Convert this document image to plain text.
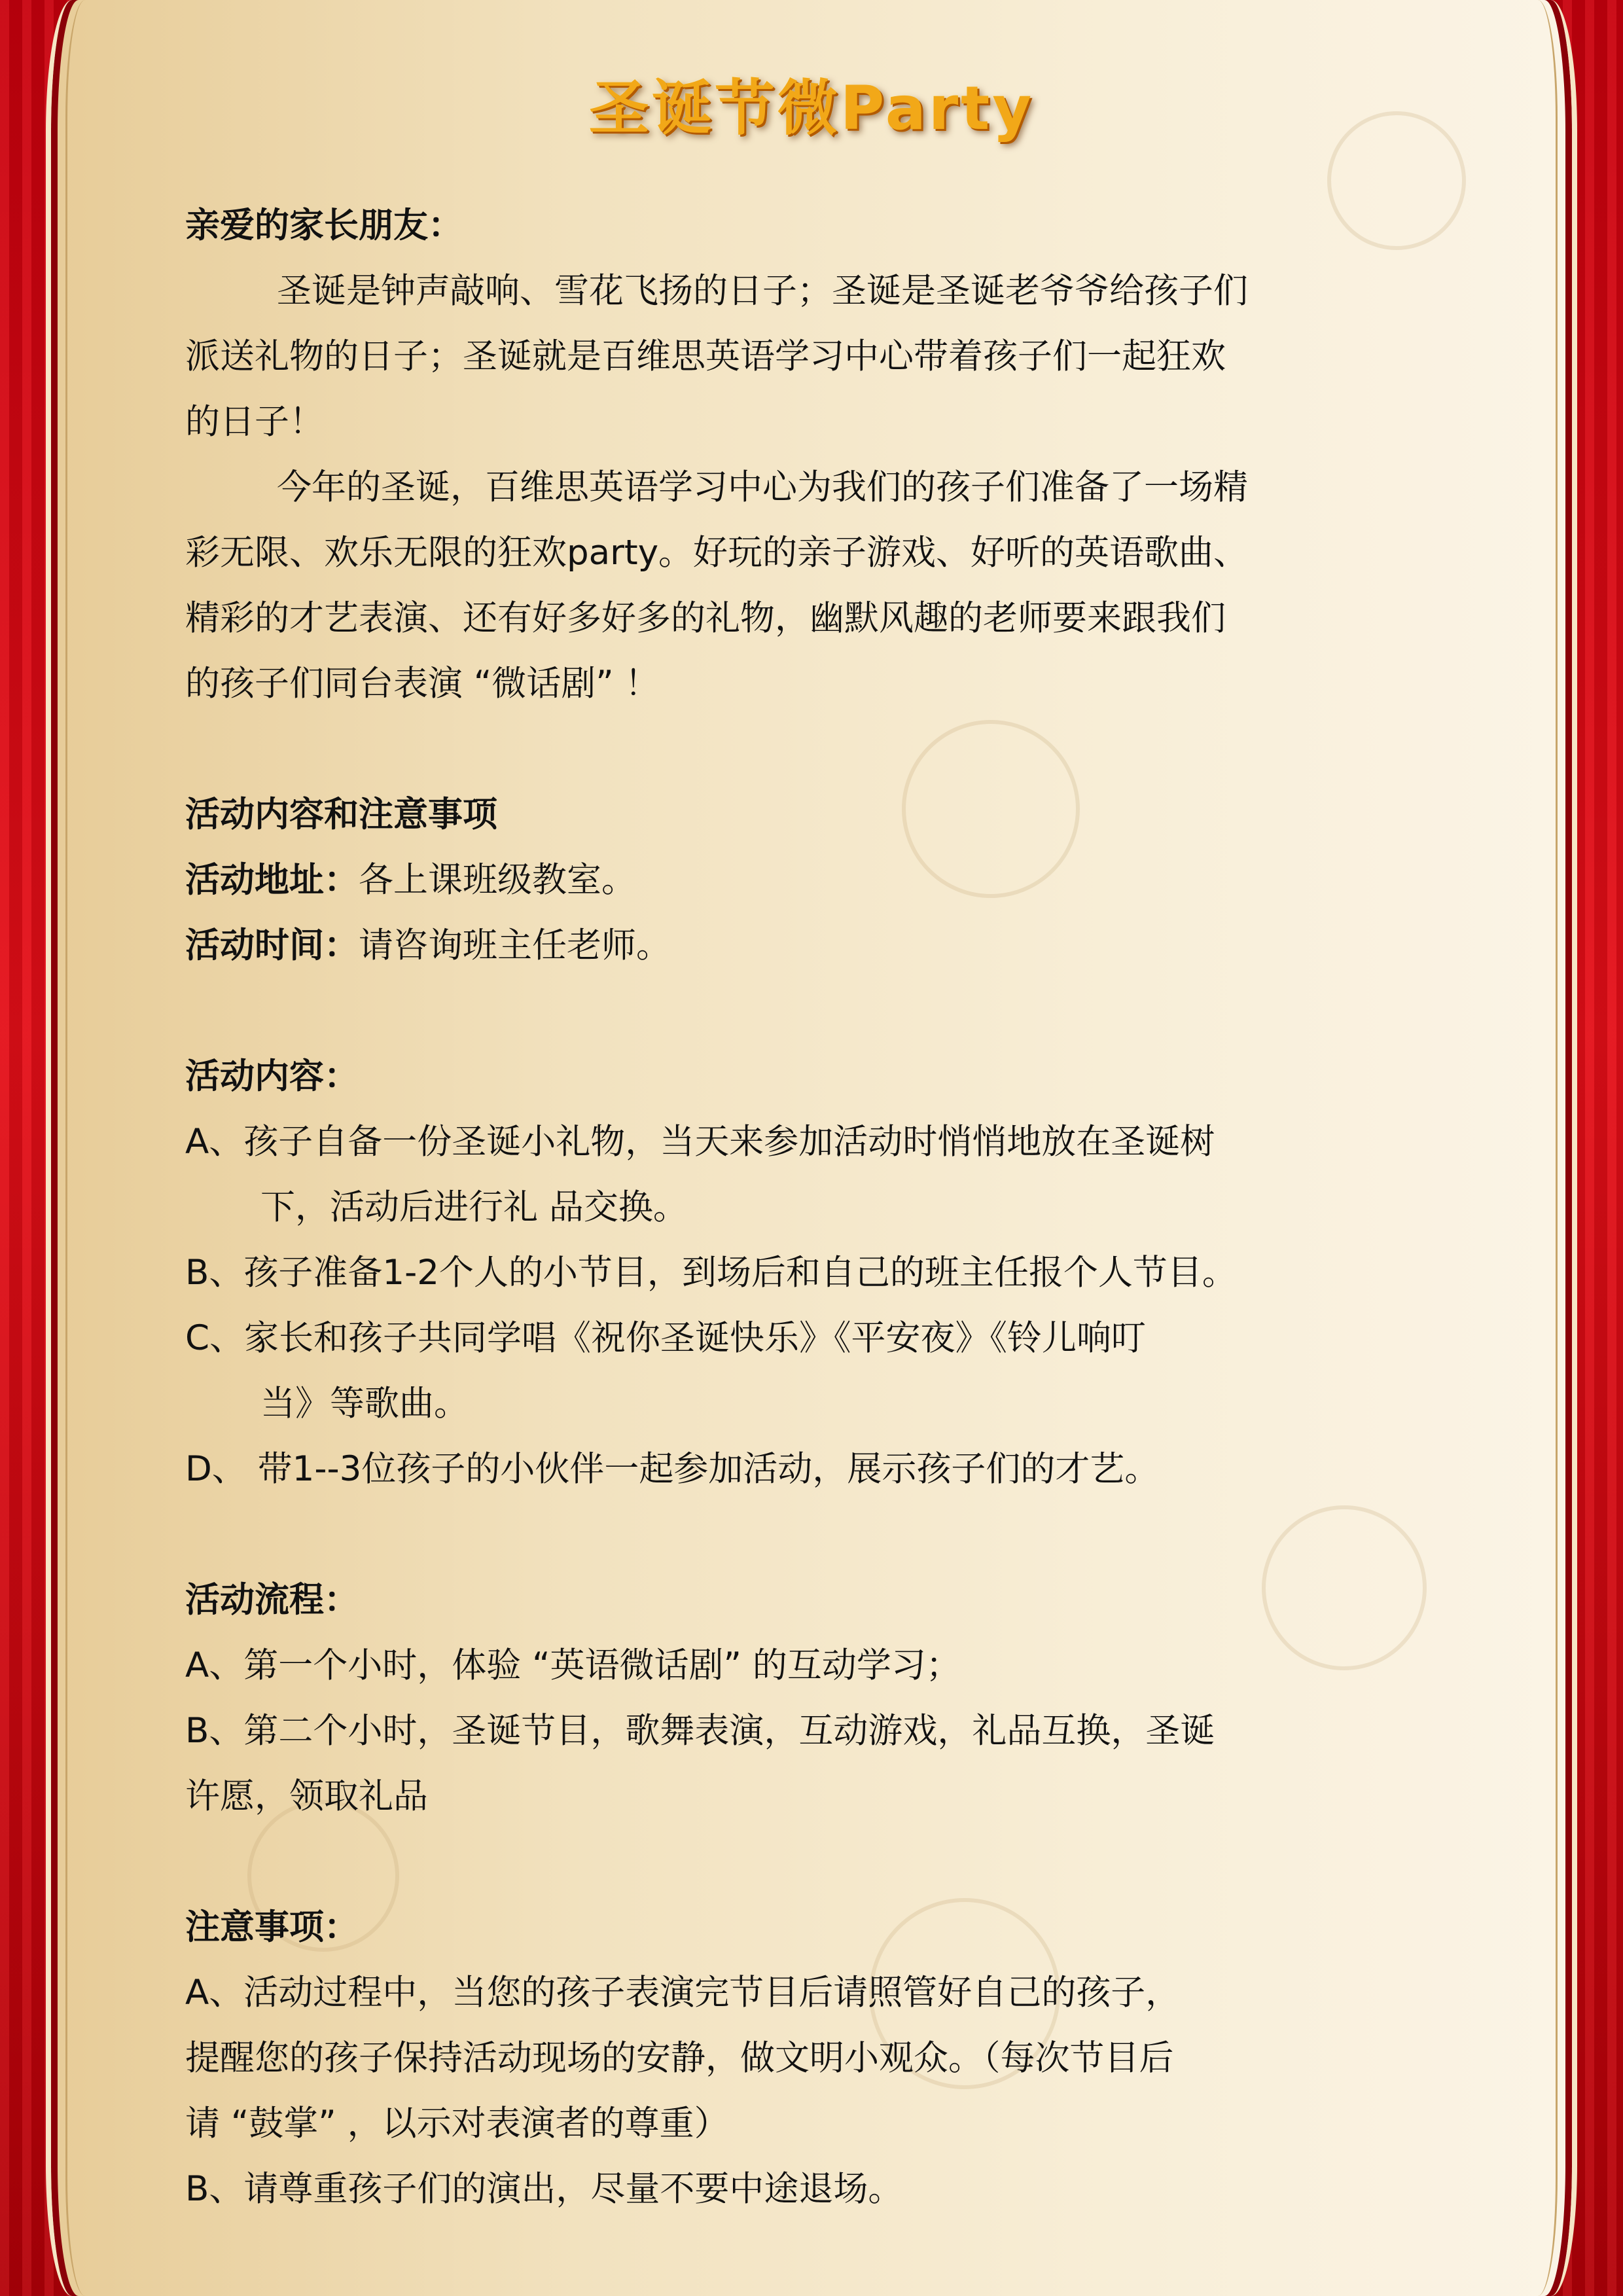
圣诞节微Party
亲爱的家长朋友：
圣诞是钟声敲响、雪花飞扬的日子；圣诞是圣诞老爷爷给孩子们
派送礼物的日子；圣诞就是百维思英语学习中心带着孩子们一起狂欢
的日子！
今年的圣诞，百维思英语学习中心为我们的孩子们准备了一场精
彩无限、欢乐无限的狂欢party。好玩的亲子游戏、好听的英语歌曲、
精彩的才艺表演、还有好多好多的礼物，幽默风趣的老师要来跟我们
的孩子们同台表演 “微话剧” ！
活动内容和注意事项
活动地址：各上课班级教室。
活动时间：请咨询班主任老师。
活动内容：
A、孩子自备一份圣诞小礼物，当天来参加活动时悄悄地放在圣诞树
下，活动后进行礼 品交换。
B、孩子准备1-2个人的小节目，到场后和自己的班主任报个人节目。
C、家长和孩子共同学唱《祝你圣诞快乐》《平安夜》《铃儿响叮
当》等歌曲。
D、 带1--3位孩子的小伙伴一起参加活动，展示孩子们的才艺。
活动流程：
A、第一个小时，体验 “英语微话剧” 的互动学习；
B、第二个小时，圣诞节目，歌舞表演，互动游戏，礼品互换，圣诞
许愿，领取礼品
注意事项：
A、活动过程中，当您的孩子表演完节目后请照管好自己的孩子，
提醒您的孩子保持活动现场的安静，做文明小观众。（每次节目后
请 “鼓掌” ，以示对表演者的尊重）
B、请尊重孩子们的演出，尽量不要中途退场。
